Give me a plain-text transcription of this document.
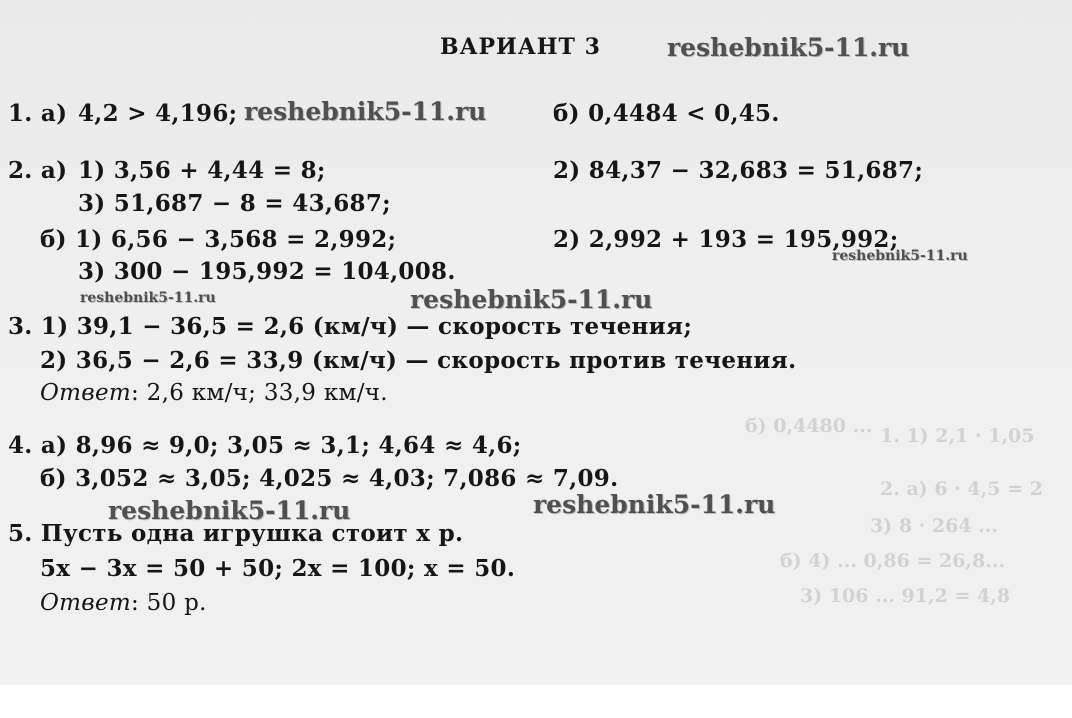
1. 1) 2,1 · 1,05
2. а) 6 · 4,5 = 2
3) 8 · 264 ...
б) 4) ... 0,86 = 26,8...
3) 106 ... 91,2 = 4,8
б) 0,4480 ...
ВАРИАНТ 3	reshebnik5-11.ru
1. а) 4,2 > 4,196; reshebnik5-11.ru	б) 0,4484 < 0,45.
2. а) 1) 3,56 + 4,44 = 8;	2) 84,37 − 32,683 = 51,687;
3) 51,687 − 8 = 43,687;
б) 1) 6,56 − 3,568 = 2,992;	2) 2,992 + 193 = 195,992;
reshebnik5-11.ru
3) 300 − 195,992 = 104,008.
reshebnik5-11.ru	reshebnik5-11.ru
3. 1) 39,1 − 36,5 = 2,6 (км/ч) — скорость течения;
2) 36,5 − 2,6 = 33,9 (км/ч) — скорость против течения.
Ответ: 2,6 км/ч; 33,9 км/ч.
4. а) 8,96 ≈ 9,0; 3,05 ≈ 3,1; 4,64 ≈ 4,6;
б) 3,052 ≈ 3,05; 4,025 ≈ 4,03; 7,086 ≈ 7,09.
reshebnik5-11.ru	reshebnik5-11.ru
5. Пусть одна игрушка стоит x р.
5x − 3x = 50 + 50; 2x = 100; x = 50.
Ответ: 50 р.
